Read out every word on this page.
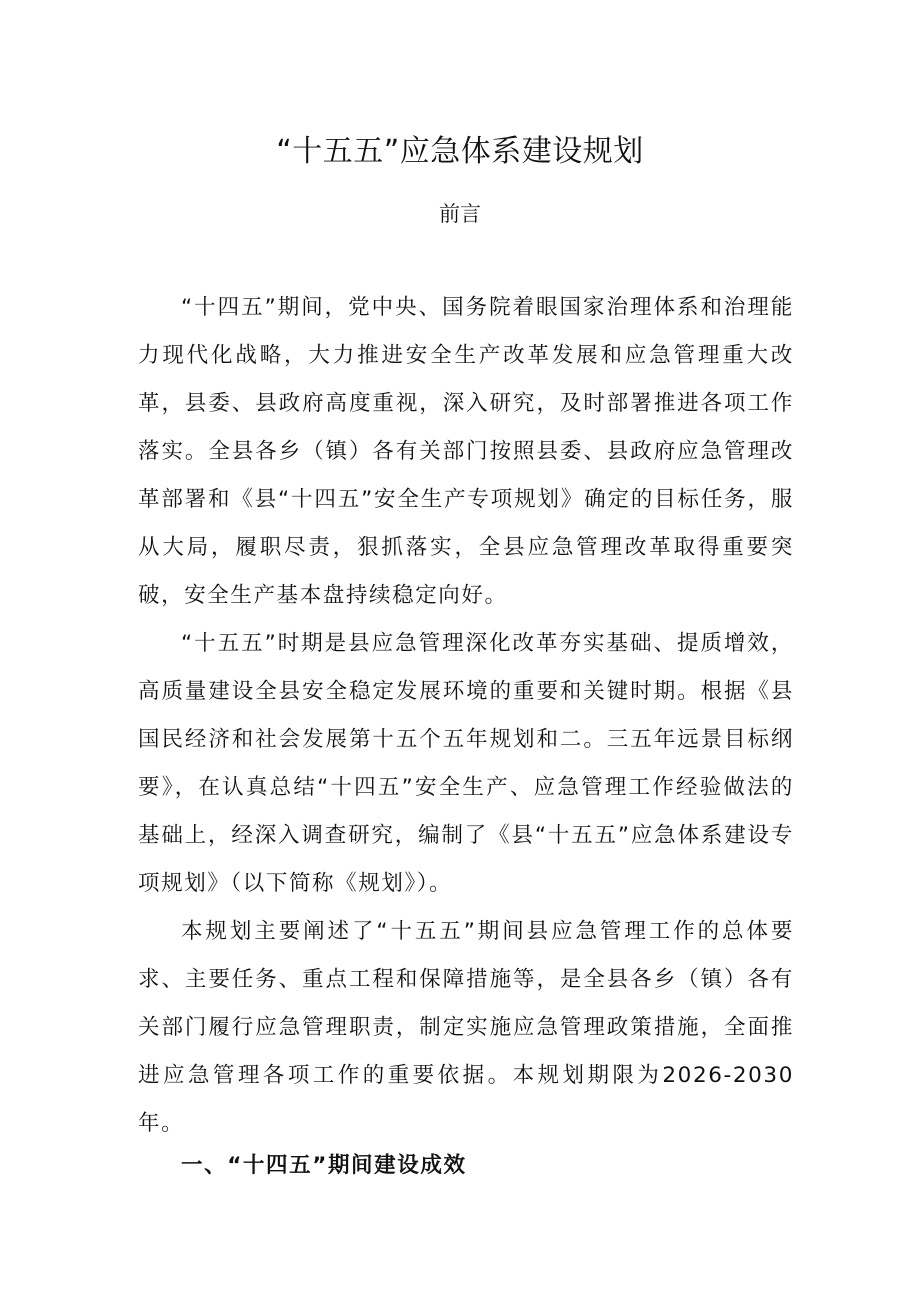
“十五五”应急体系建设规划
前言

“十四五”期间，党中央、国务院着眼国家治理体系和治理能力现代化战略，大力推进安全生产改革发展和应急管理重大改革，县委、县政府高度重视，深入研究，及时部署推进各项工作落实。全县各乡（镇）各有关部门按照县委、县政府应急管理改革部署和《县“十四五”安全生产专项规划》确定的目标任务，服从大局，履职尽责，狠抓落实，全县应急管理改革取得重要突破，安全生产基本盘持续稳定向好。

“十五五”时期是县应急管理深化改革夯实基础、提质增效，高质量建设全县安全稳定发展环境的重要和关键时期。根据《县国民经济和社会发展第十五个五年规划和二。三五年远景目标纲要》，在认真总结“十四五”安全生产、应急管理工作经验做法的基础上，经深入调查研究，编制了《县“十五五”应急体系建设专项规划》（以下简称《规划》）。

本规划主要阐述了“十五五”期间县应急管理工作的总体要求、主要任务、重点工程和保障措施等，是全县各乡（镇）各有关部门履行应急管理职责，制定实施应急管理政策措施，全面推进应急管理各项工作的重要依据。本规划期限为2026-2030年。

一、“十四五”期间建设成效
